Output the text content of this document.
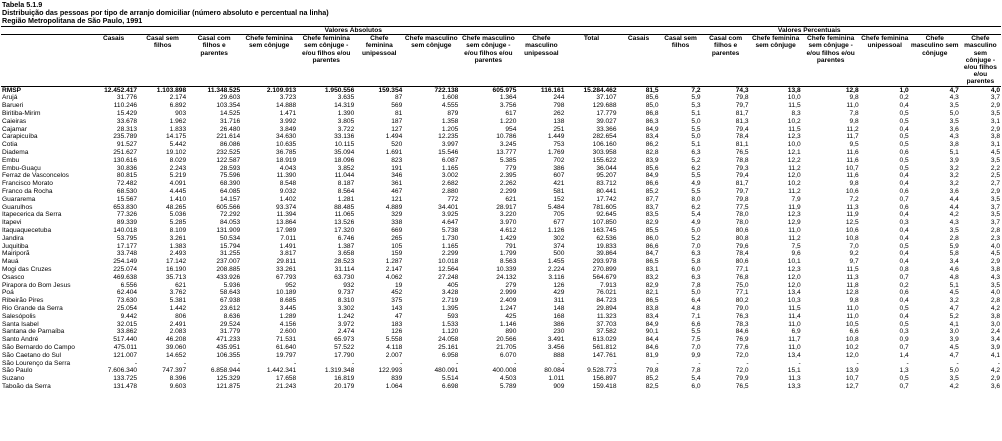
Tabela 5.1.9
Distribuição das pessoas por tipo de arranjo domiciliar (número absoluto e percentual na linha)
Região Metropolitana de São Paulo, 1991
	Valores Absolutos										Valores Percentuais							
	Casais	Casal sem filhos	Casal com filhos e parentes	Chefe feminina sem cônjuge	Chefe feminina sem cônjuge - e/ou filhos e/ou parentes	Chefe feminina unipessoal	Chefe masculino sem cônjuge	Chefe masculino sem cônjuge - e/ou filhos e/ou parentes	Chefe masculino unipessoal	Total	Casais	Casal sem filhos	Casal com filhos e parentes	Chefe feminina sem cônjuge	Chefe feminina sem cônjuge - e/ou filhos e/ou parentes	Chefe feminina unipessoal	Chefe masculino sem cônjuge	Chefe masculino sem cônjuge - e/ou filhos e/ou parentes
RMSP	12.452.417	1.103.898	11.348.525	2.109.913	1.950.556	159.354	722.138	605.975	116.161	15.284.462	81,5	7,2	74,3	13,8	12,8	1,0	4,7	4,0
Arujá	31.776	2.174	29.603	3.723	3.635	87	1.608	1.364	244	37.107	85,6	5,9	79,8	10,0	9,8	0,2	4,3	3,7
Barueri	110.246	6.892	103.354	14.888	14.319	569	4.555	3.756	798	129.688	85,0	5,3	79,7	11,5	11,0	0,4	3,5	2,9
Biritiba-Mirim	15.429	903	14.525	1.471	1.390	81	879	617	262	17.779	86,8	5,1	81,7	8,3	7,8	0,5	5,0	3,5
Caieiras	33.678	1.962	31.716	3.992	3.805	187	1.358	1.220	138	39.027	86,3	5,0	81,3	10,2	9,8	0,5	3,5	3,1
Cajamar	28.313	1.833	26.480	3.849	3.722	127	1.205	954	251	33.366	84,9	5,5	79,4	11,5	11,2	0,4	3,6	2,9
Carapicuíba	235.789	14.175	221.614	34.630	33.136	1.494	12.235	10.786	1.449	282.654	83,4	5,0	78,4	12,3	11,7	0,5	4,3	3,8
Cotia	91.527	5.442	86.086	10.635	10.115	520	3.997	3.245	753	106.160	86,2	5,1	81,1	10,0	9,5	0,5	3,8	3,1
Diadema	251.627	19.102	232.525	36.785	35.094	1.691	15.546	13.777	1.769	303.958	82,8	6,3	76,5	12,1	11,6	0,6	5,1	4,5
Embu	130.616	8.029	122.587	18.919	18.096	823	6.087	5.385	702	155.622	83,9	5,2	78,8	12,2	11,6	0,5	3,9	3,5
Embu-Guaçu	30.836	2.243	28.593	4.043	3.852	191	1.165	779	386	36.044	85,6	6,2	79,3	11,2	10,7	0,5	3,2	2,2
Ferraz de Vasconcelos	80.815	5.219	75.596	11.390	11.044	346	3.002	2.395	607	95.207	84,9	5,5	79,4	12,0	11,6	0,4	3,2	2,5
Francisco Morato	72.482	4.091	68.390	8.548	8.187	361	2.682	2.262	421	83.712	86,6	4,9	81,7	10,2	9,8	0,4	3,2	2,7
Franco da Rocha	68.530	4.445	64.085	9.032	8.564	467	2.880	2.299	581	80.441	85,2	5,5	79,7	11,2	10,6	0,6	3,6	2,9
Guararema	15.567	1.410	14.157	1.402	1.281	121	772	621	152	17.742	87,7	8,0	79,8	7,9	7,2	0,7	4,4	3,5
Guarulhos	653.830	48.265	605.566	93.374	88.485	4.889	34.401	28.917	5.484	781.605	83,7	6,2	77,5	11,9	11,3	0,6	4,4	3,7
Itapecerica da Serra	77.326	5.036	72.292	11.394	11.065	329	3.925	3.220	705	92.645	83,5	5,4	78,0	12,3	11,9	0,4	4,2	3,5
Itapevi	89.339	5.285	84.053	13.864	13.526	338	4.647	3.970	677	107.850	82,9	4,9	78,0	12,9	12,5	0,3	4,3	3,7
Itaquaquecetuba	140.018	8.109	131.909	17.989	17.320	669	5.738	4.612	1.126	163.745	85,5	5,0	80,6	11,0	10,6	0,4	3,5	2,8
Jandira	53.795	3.261	50.534	7.011	6.746	265	1.730	1.429	302	62.536	86,0	5,2	80,8	11,2	10,8	0,4	2,8	2,3
Juquitiba	17.177	1.383	15.794	1.491	1.387	105	1.165	791	374	19.833	86,6	7,0	79,6	7,5	7,0	0,5	5,9	4,0
Mairiporã	33.748	2.493	31.255	3.817	3.658	159	2.299	1.799	500	39.864	84,7	6,3	78,4	9,6	9,2	0,4	5,8	4,5
Mauá	254.149	17.142	237.007	29.811	28.523	1.287	10.018	8.563	1.455	293.978	86,5	5,8	80,6	10,1	9,7	0,4	3,4	2,9
Mogi das Cruzes	225.074	16.190	208.885	33.261	31.114	2.147	12.564	10.339	2.224	270.899	83,1	6,0	77,1	12,3	11,5	0,8	4,6	3,8
Osasco	469.638	35.713	433.926	67.793	63.730	4.062	27.248	24.132	3.116	564.679	83,2	6,3	76,8	12,0	11,3	0,7	4,8	4,3
Pirapora do Bom Jesus	6.556	621	5.936	952	932	19	405	279	126	7.913	82,9	7,8	75,0	12,0	11,8	0,2	5,1	3,5
Poá	62.404	3.762	58.643	10.189	9.737	452	3.428	2.999	429	76.021	82,1	5,0	77,1	13,4	12,8	0,6	4,5	4,0
Ribeirão Pires	73.630	5.381	67.938	8.685	8.310	375	2.719	2.409	311	84.723	86,5	6,4	80,2	10,3	9,8	0,4	3,2	2,8
Rio Grande da Serra	25.054	1.442	23.612	3.445	3.302	143	1.395	1.247	148	29.894	83,8	4,8	79,0	11,5	11,0	0,5	4,7	4,2
Salesópolis	9.442	806	8.636	1.289	1.242	47	593	425	168	11.323	83,4	7,1	76,3	11,4	11,0	0,4	5,2	3,8
Santa Isabel	32.015	2.491	29.524	4.156	3.972	183	1.533	1.146	386	37.703	84,9	6,6	78,3	11,0	10,5	0,5	4,1	3,0
Santana de Parnaíba	33.862	2.083	31.779	2.600	2.474	126	1.120	890	230	37.582	90,1	5,5	84,6	6,9	6,6	0,3	3,0	2,4
Santo André	517.440	46.208	471.233	71.531	65.973	5.558	24.058	20.566	3.491	613.029	84,4	7,5	76,9	11,7	10,8	0,9	3,9	3,4
São Bernardo do Campo	475.011	39.060	435.951	61.640	57.522	4.118	25.161	21.705	3.456	561.812	84,6	7,0	77,6	11,0	10,2	0,7	4,5	3,9
São Caetano do Sul	121.007	14.652	106.355	19.797	17.790	2.007	6.958	6.070	888	147.761	81,9	9,9	72,0	13,4	12,0	1,4	4,7	4,1
São Lourenço da Serra	-	-	-	-	-	-	-	-	-	-	-	-	-	-	-	-	-	-
São Paulo	7.606.340	747.397	6.858.944	1.442.341	1.319.348	122.993	480.091	400.008	80.084	9.528.773	79,8	7,8	72,0	15,1	13,9	1,3	5,0	4,2
Suzano	133.725	8.396	125.329	17.658	16.819	839	5.514	4.503	1.011	156.897	85,2	5,4	79,9	11,3	10,7	0,5	3,5	2,9
Taboão da Serra	131.478	9.603	121.875	21.243	20.179	1.064	6.698	5.789	909	159.418	82,5	6,0	76,5	13,3	12,7	0,7	4,2	3,6
